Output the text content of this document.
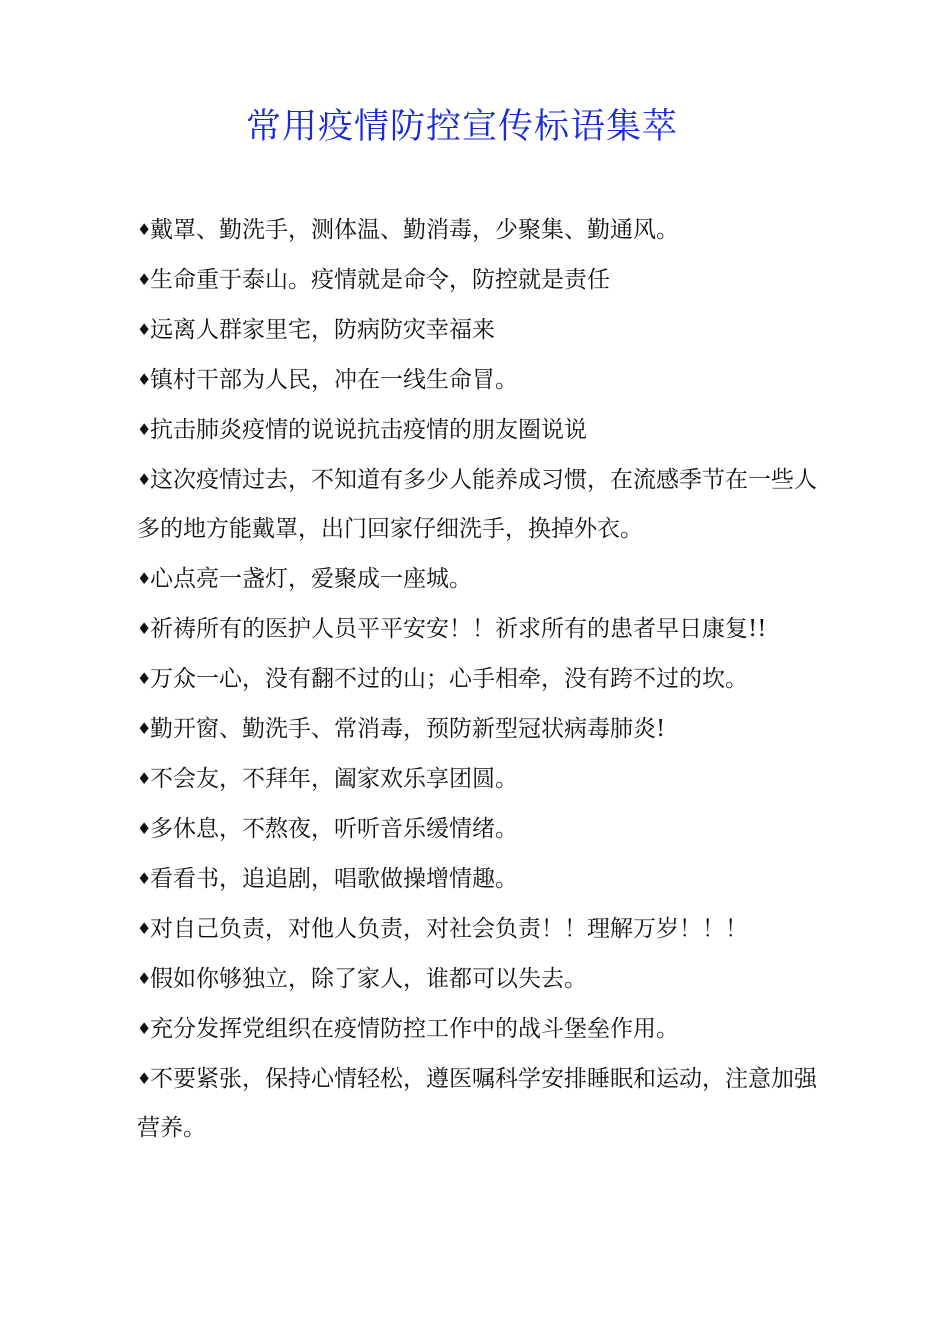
常用疫情防控宣传标语集萃
♦戴罩、勤洗手，测体温、勤消毒，少聚集、勤通风。
♦生命重于泰山。疫情就是命令，防控就是责任
♦远离人群家里宅，防病防灾幸福来
♦镇村干部为人民，冲在一线生命冒。
♦抗击肺炎疫情的说说抗击疫情的朋友圈说说
♦这次疫情过去，不知道有多少人能养成习惯，在流感季节在一些人多的地方能戴罩，出门回家仔细洗手，换掉外衣。
♦心点亮一盏灯，爱聚成一座城。
♦祈祷所有的医护人员平平安安！！祈求所有的患者早日康复!!
♦万众一心，没有翻不过的山；心手相牵，没有跨不过的坎。
♦勤开窗、勤洗手、常消毒，预防新型冠状病毒肺炎!
♦不会友，不拜年，阖家欢乐享团圆。
♦多休息，不熬夜，听听音乐缓情绪。
♦看看书，追追剧，唱歌做操增情趣。
♦对自己负责，对他人负责，对社会负责！！理解万岁！！！
♦假如你够独立，除了家人，谁都可以失去。
♦充分发挥党组织在疫情防控工作中的战斗堡垒作用。
♦不要紧张，保持心情轻松，遵医嘱科学安排睡眠和运动，注意加强营养。
